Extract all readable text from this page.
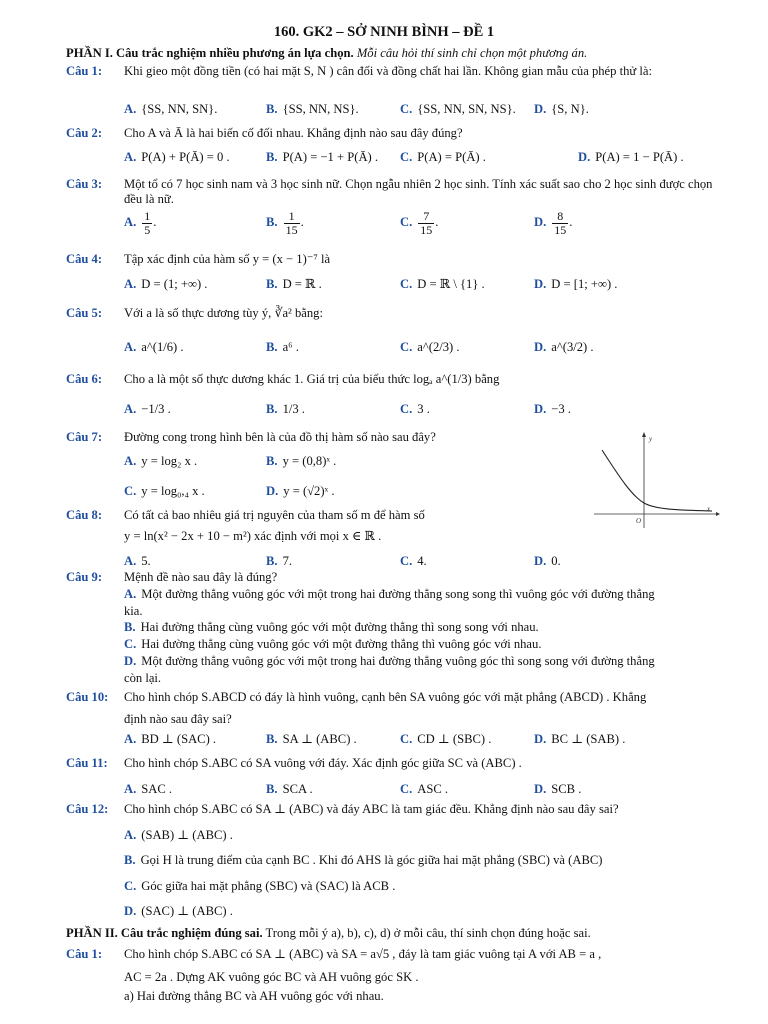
160. GK2 – SỞ NINH BÌNH – ĐỀ 1
PHẦN I. Câu trắc nghiệm nhiều phương án lựa chọn. Mỗi câu hỏi thí sinh chỉ chọn một phương án.
Câu 1: Khi gieo một đồng tiền (có hai mặt S, N ) cân đối và đồng chất hai lần. Không gian mẫu của phép thử là:
A. {SS, NN, SN}.	B. {SS, NN, NS}.	C. {SS, NN, SN, NS}. D. {S, N}.
Câu 2: Cho A và Ā là hai biến cố đối nhau. Khẳng định nào sau đây đúng?
A. P(A) + P(Ā) = 0 .	B. P(A) = −1 + P(Ā) . C. P(A) = P(Ā) .	D. P(A) = 1 − P(Ā) .
Câu 3: Một tổ có 7 học sinh nam và 3 học sinh nữ. Chọn ngẫu nhiên 2 học sinh. Tính xác suất sao cho 2 học sinh được chọn đều là nữ.
A. $\frac{1}{5}$ .	B. $\frac{1}{15}$ .	C. $\frac{7}{15}$ .	D. $\frac{8}{15}$ .
Câu 4: Tập xác định của hàm số y = (x − 1)⁻⁷ là
A. D = (1; +∞) .	B. D = ℝ .	C. D = ℝ \ {1} .	D. D = [1; +∞) .
Câu 5: Với a là số thực dương tùy ý, ∛a² bằng:
A. a^(1/6) .	B. a⁶ .	C. a^(2/3) .	D. a^(3/2) .
Câu 6: Cho a là một số thực dương khác 1. Giá trị của biểu thức logₐ a^(1/3) bằng
A. −1/3 .	B. 1/3 .	C. 3 .	D. −3 .
Câu 7: Đường cong trong hình bên là của đồ thị hàm số nào sau đây?
A. y = log₂ x .	B. y = (0,8)ˣ .
C. y = log₀,₄ x .	D. y = (√2)ˣ .
y
x
O
Câu 8: Có tất cả bao nhiêu giá trị nguyên của tham số m để hàm số
y = ln(x² − 2x + 10 − m²) xác định với mọi x ∈ ℝ .
A. 5.	B. 7.	C. 4.	D. 0.
Câu 9: Mệnh đề nào sau đây là đúng?
A. Một đường thẳng vuông góc với một trong hai đường thẳng song song thì vuông góc với đường thẳng
kia.
B. Hai đường thẳng cùng vuông góc với một đường thẳng thì song song với nhau.
C. Hai đường thẳng cùng vuông góc với một đường thẳng thì vuông góc với nhau.
D. Một đường thẳng vuông góc với một trong hai đường thẳng vuông góc thì song song với đường thẳng
còn lại.
Câu 10: Cho hình chóp S.ABCD có đáy là hình vuông, cạnh bên SA vuông góc với mặt phẳng (ABCD) . Khẳng
định nào sau đây sai?
A. BD ⊥ (SAC) .	B. SA ⊥ (ABC) .	C. CD ⊥ (SBC) .	D. BC ⊥ (SAB) .
Câu 11: Cho hình chóp S.ABC có SA vuông với đáy. Xác định góc giữa SC và (ABC) .
A. SAC .	B. SCA .	C. ASC .	D. SCB .
Câu 12: Cho hình chóp S.ABC có SA ⊥ (ABC) và đáy ABC là tam giác đều. Khẳng định nào sau đây sai?
A. (SAB) ⊥ (ABC) .
B. Gọi H là trung điểm của cạnh BC . Khi đó AHS là góc giữa hai mặt phẳng (SBC) và (ABC)
C. Góc giữa hai mặt phẳng (SBC) và (SAC) là ACB .
D. (SAC) ⊥ (ABC) .
PHẦN II. Câu trắc nghiệm đúng sai. Trong mỗi ý a), b), c), d) ở mỗi câu, thí sinh chọn đúng hoặc sai.
Câu 1: Cho hình chóp S.ABC có SA ⊥ (ABC) và SA = a√5 , đáy là tam giác vuông tại A với AB = a ,
AC = 2a . Dựng AK vuông góc BC và AH vuông góc SK .
a) Hai đường thẳng BC và AH vuông góc với nhau.
